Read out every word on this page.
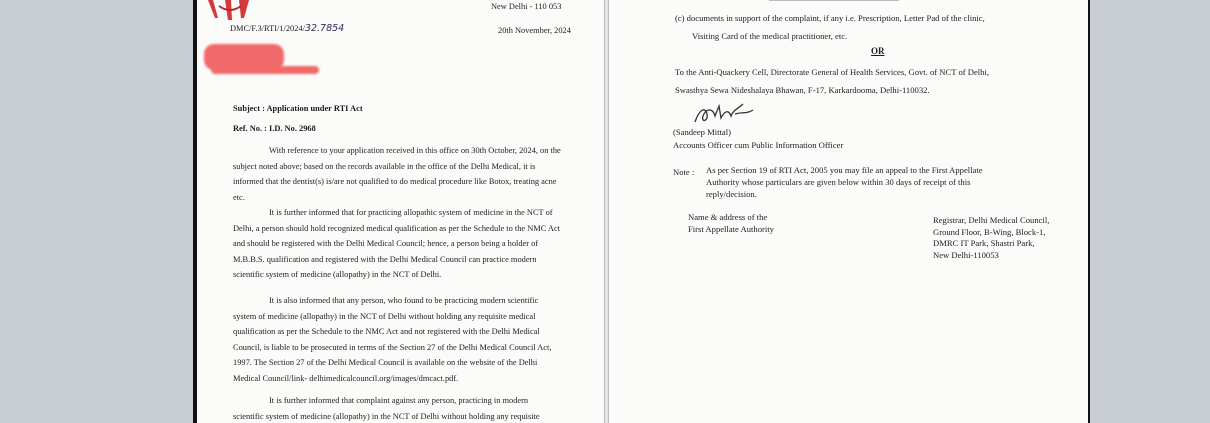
New Delhi - 110 053
DMC/F.3/RTI/1/2024/32.7854	20th November, 2024
Subject : Application under RTI Act
Ref. No. : I.D. No. 2968
With reference to your application received in this office on 30th October, 2024, on the
subject noted above; based on the records available in the office of the Delhi Medical, it is
informed that the dentist(s) is/are not qualified to do medical procedure like Botox, treating acne
etc.
It is further informed that for practicing allopathic system of medicine in the NCT of
Delhi, a person should hold recognized medical qualification as per the Schedule to the NMC Act
and should be registered with the Delhi Medical Council; hence, a person being a holder of
M.B.B.S. qualification and registered with the Delhi Medical Council can practice modern
scientific system of medicine (allopathy) in the NCT of Delhi.
It is also informed that any person, who found to be practicing modern scientific
system of medicine (allopathy) in the NCT of Delhi without holding any requisite medical
qualification as per the Schedule to the NMC Act and not registered with the Delhi Medical
Council, is liable to be prosecuted in terms of the Section 27 of the Delhi Medical Council Act,
1997. The Section 27 of the Delhi Medical Council is available on the website of the Delhi
Medical Council/link- delhimedicalcouncil.org/images/dmcact.pdf.
It is further informed that complaint against any person, practicing in modern
scientific system of medicine (allopathy) in the NCT of Delhi without holding any requisite
(c) documents in support of the complaint, if any i.e. Prescription, Letter Pad of the clinic,
Visiting Card of the medical practitioner, etc.
OR
To the Anti-Quackery Cell, Directorate General of Health Services, Govt. of NCT of Delhi,
Swasthya Sewa Nideshalaya Bhawan, F-17, Karkardooma, Delhi-110032.
(Sandeep Mittal)
Accounts Officer cum Public Information Officer
Note : As per Section 19 of RTI Act, 2005 you may file an appeal to the First Appellate
Authority whose particulars are given below within 30 days of receipt of this
reply/decision.
Name & address of the
First Appellate Authority
Registrar, Delhi Medical Council,
Ground Floor, B-Wing, Block-1,
DMRC IT Park, Shastri Park,
New Delhi-110053
